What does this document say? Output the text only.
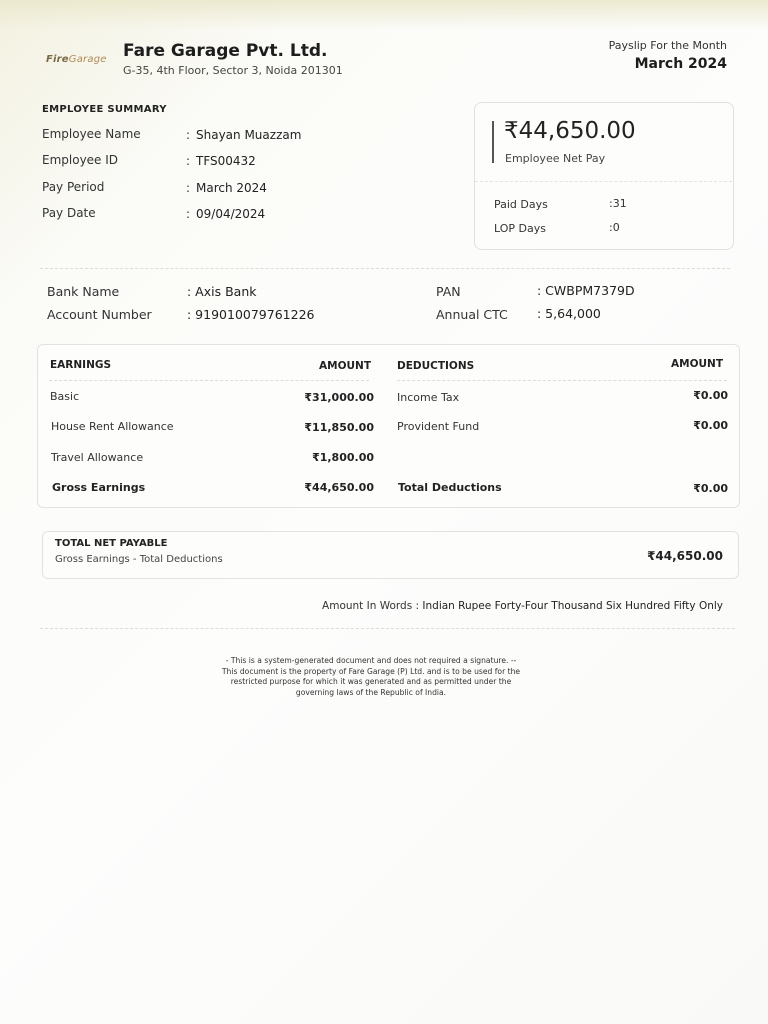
FireGarage Fare Garage Pvt. Ltd.
G-35, 4th Floor, Sector 3, Noida 201301
Payslip For the Month
March 2024
EMPLOYEE SUMMARY
Employee Name	: Shayan Muazzam
Employee ID	: TFS00432
Pay Period	: March 2024
Pay Date	: 09/04/2024
₹44,650.00
Employee Net Pay
Paid Days	:31
LOP Days	:0
Bank Name	: Axis Bank
Account Number	: 919010079761226
PAN	: CWBPM7379D
Annual CTC : 5,64,000
EARNINGS	AMOUNT DEDUCTIONS	AMOUNT
Basic	₹31,000.00
House Rent Allowance	₹11,850.00
Travel Allowance	₹1,800.00
Gross Earnings	₹44,650.00
Income Tax	₹0.00
Provident Fund	₹0.00
Total Deductions	₹0.00
TOTAL NET PAYABLE
Gross Earnings - Total Deductions	₹44,650.00
Amount In Words : Indian Rupee Forty-Four Thousand Six Hundred Fifty Only
- This is a system-generated document and does not required a signature. --
This document is the property of Fare Garage (P) Ltd. and is to be used for the
restricted purpose for which it was generated and as permitted under the
governing laws of the Republic of India.
